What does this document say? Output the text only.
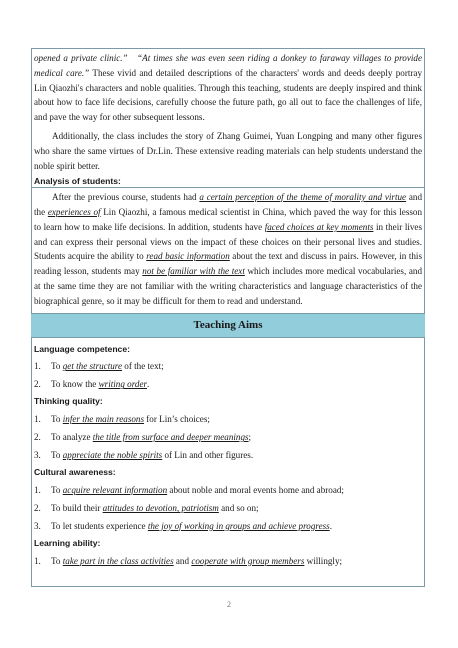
opened a private clinic.” “At times she was even seen riding a donkey to faraway villages to provide medical care.” These vivid and detailed descriptions of the characters' words and deeds deeply portray Lin Qiaozhi's characters and noble qualities. Through this teaching, students are deeply inspired and think about how to face life decisions, carefully choose the future path, go all out to face the challenges of life, and pave the way for other subsequent lessons.

Additionally, the class includes the story of Zhang Guimei, Yuan Longping and many other figures who share the same virtues of Dr.Lin. These extensive reading materials can help students understand the noble spirit better.

Analysis of students:

After the previous course, students had a certain perception of the theme of morality and virtue and the experiences of Lin Qiaozhi, a famous medical scientist in China, which paved the way for this lesson to learn how to make life decisions. In addition, students have faced choices at key moments in their lives and can express their personal views on the impact of these choices on their personal lives and studies. Students acquire the ability to read basic information about the text and discuss in pairs. However, in this reading lesson, students may not be familiar with the text which includes more medical vocabularies, and at the same time they are not familiar with the writing characteristics and language characteristics of the biographical genre, so it may be difficult for them to read and understand.

Teaching Aims
Language competence:
1.	To get the structure of the text;
2.	To know the writing order.
Thinking quality:
1.	To infer the main reasons for Lin’s choices;
2.	To analyze the title from surface and deeper meanings;
3.	To appreciate the noble spirits of Lin and other figures.
Cultural awareness:
1.	To acquire relevant information about noble and moral events home and abroad;
2.	To build their attitudes to devotion, patriotism and so on;
3.	To let students experience the joy of working in groups and achieve progress.
Learning ability:
1.	To take part in the class activities and cooperate with group members willingly;
2
